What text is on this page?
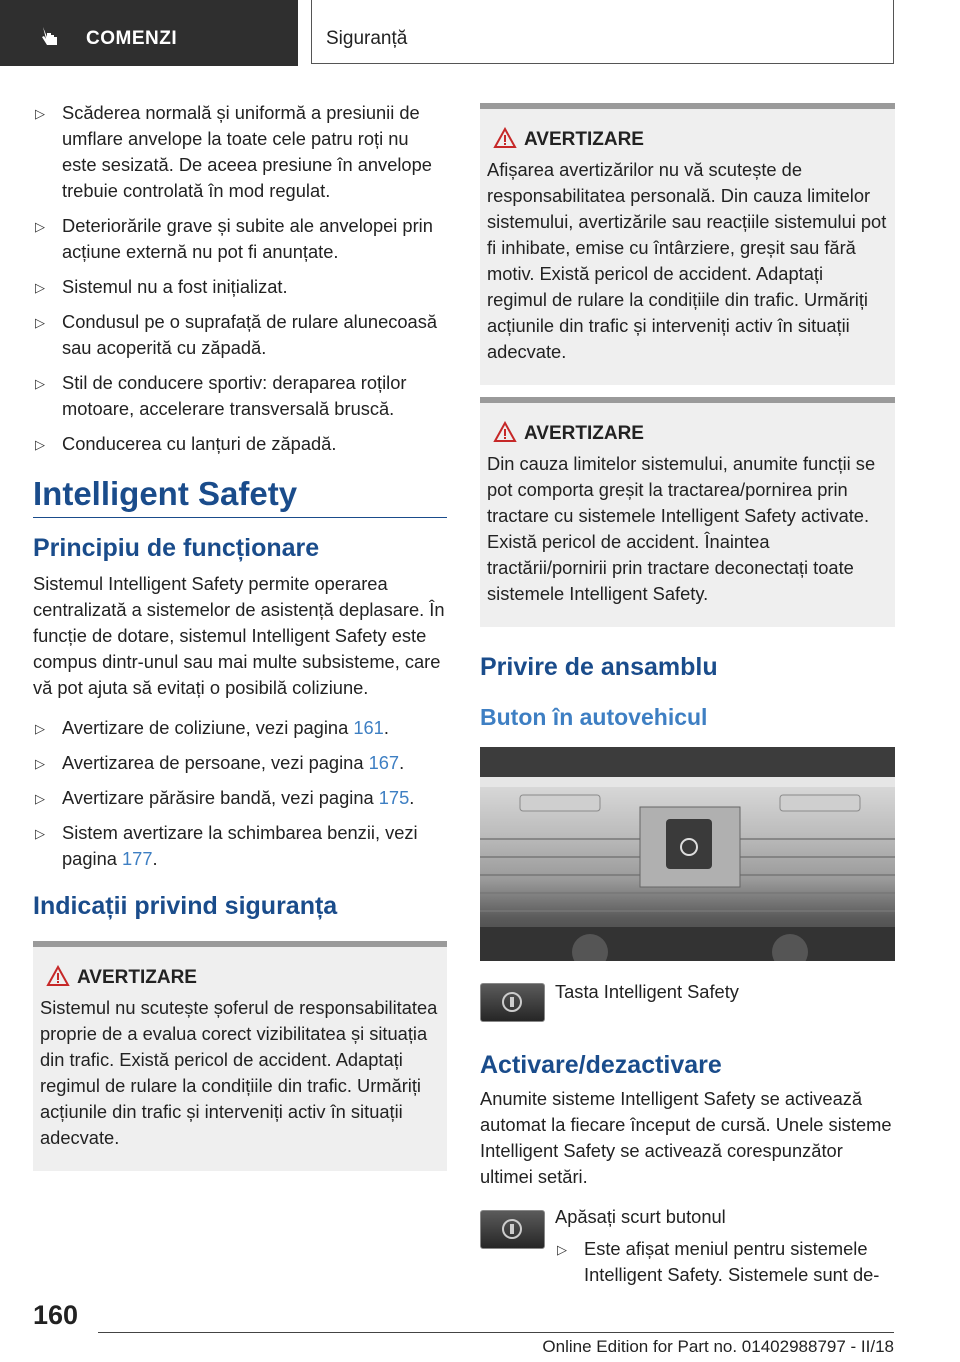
COMENZI	Siguranță
▷ Scăderea normală și uniformă a presiunii de umflare anvelope la toate cele patru roți nu este sesizată. De aceea presiune în anvelope trebuie controlată în mod regulat.
▷ Deteriorările grave și subite ale anvelopei prin acțiune externă nu pot fi anunțate.
▷ Sistemul nu a fost inițializat.
▷ Condusul pe o suprafață de rulare alunecoasă sau acoperită cu zăpadă.
▷ Stil de conducere sportiv: deraparea roților motoare, accelerare transversală bruscă.
▷ Conducerea cu lanțuri de zăpadă.
Intelligent Safety
Principiu de funcționare

Sistemul Intelligent Safety permite operarea centralizată a sistemelor de asistență deplasare. În funcție de dotare, sistemul Intelligent Safety este compus dintr-unul sau mai multe subsisteme, care vă pot ajuta să evitați o posibilă coliziune.

▷ Avertizare de coliziune, vezi pagina 161.
▷ Avertizarea de persoane, vezi pagina 167.
▷ Avertizare părăsire bandă, vezi pagina 175.
▷ Sistem avertizare la schimbarea benzii, vezi pagina 177.
Indicații privind siguranța
AVERTIZARE

Sistemul nu scutește șoferul de responsabilitatea proprie de a evalua corect vizibilitatea și situația din trafic. Există pericol de accident. Adaptați regimul de rulare la condițiile din trafic. Urmăriți acțiunile din trafic și interveniți activ în situații adecvate.

AVERTIZARE

Afișarea avertizărilor nu vă scutește de responsabilitatea personală. Din cauza limitelor sistemului, avertizările sau reacțiile sistemului pot fi inhibate, emise cu întârziere, greșit sau fără motiv. Există pericol de accident. Adaptați regimul de rulare la condițiile din trafic. Urmăriți acțiunile din trafic și interveniți activ în situații adecvate.

AVERTIZARE

Din cauza limitelor sistemului, anumite funcții se pot comporta greșit la tractarea/pornirea prin tractare cu sistemele Intelligent Safety activate. Există pericol de accident. Înaintea tractării/pornirii prin tractare deconectați toate sistemele Intelligent Safety.

Privire de ansamblu
Buton în autovehicul
Tasta Intelligent Safety
Activare/dezactivare

Anumite sisteme Intelligent Safety se activează automat la fiecare început de cursă. Unele sisteme Intelligent Safety se activează corespunzător ultimei setări.

Apăsați scurt butonul

▷ Este afișat meniul pentru sistemele Intelligent Safety. Sistemele sunt de-
160
Online Edition for Part no. 01402988797 - II/18
